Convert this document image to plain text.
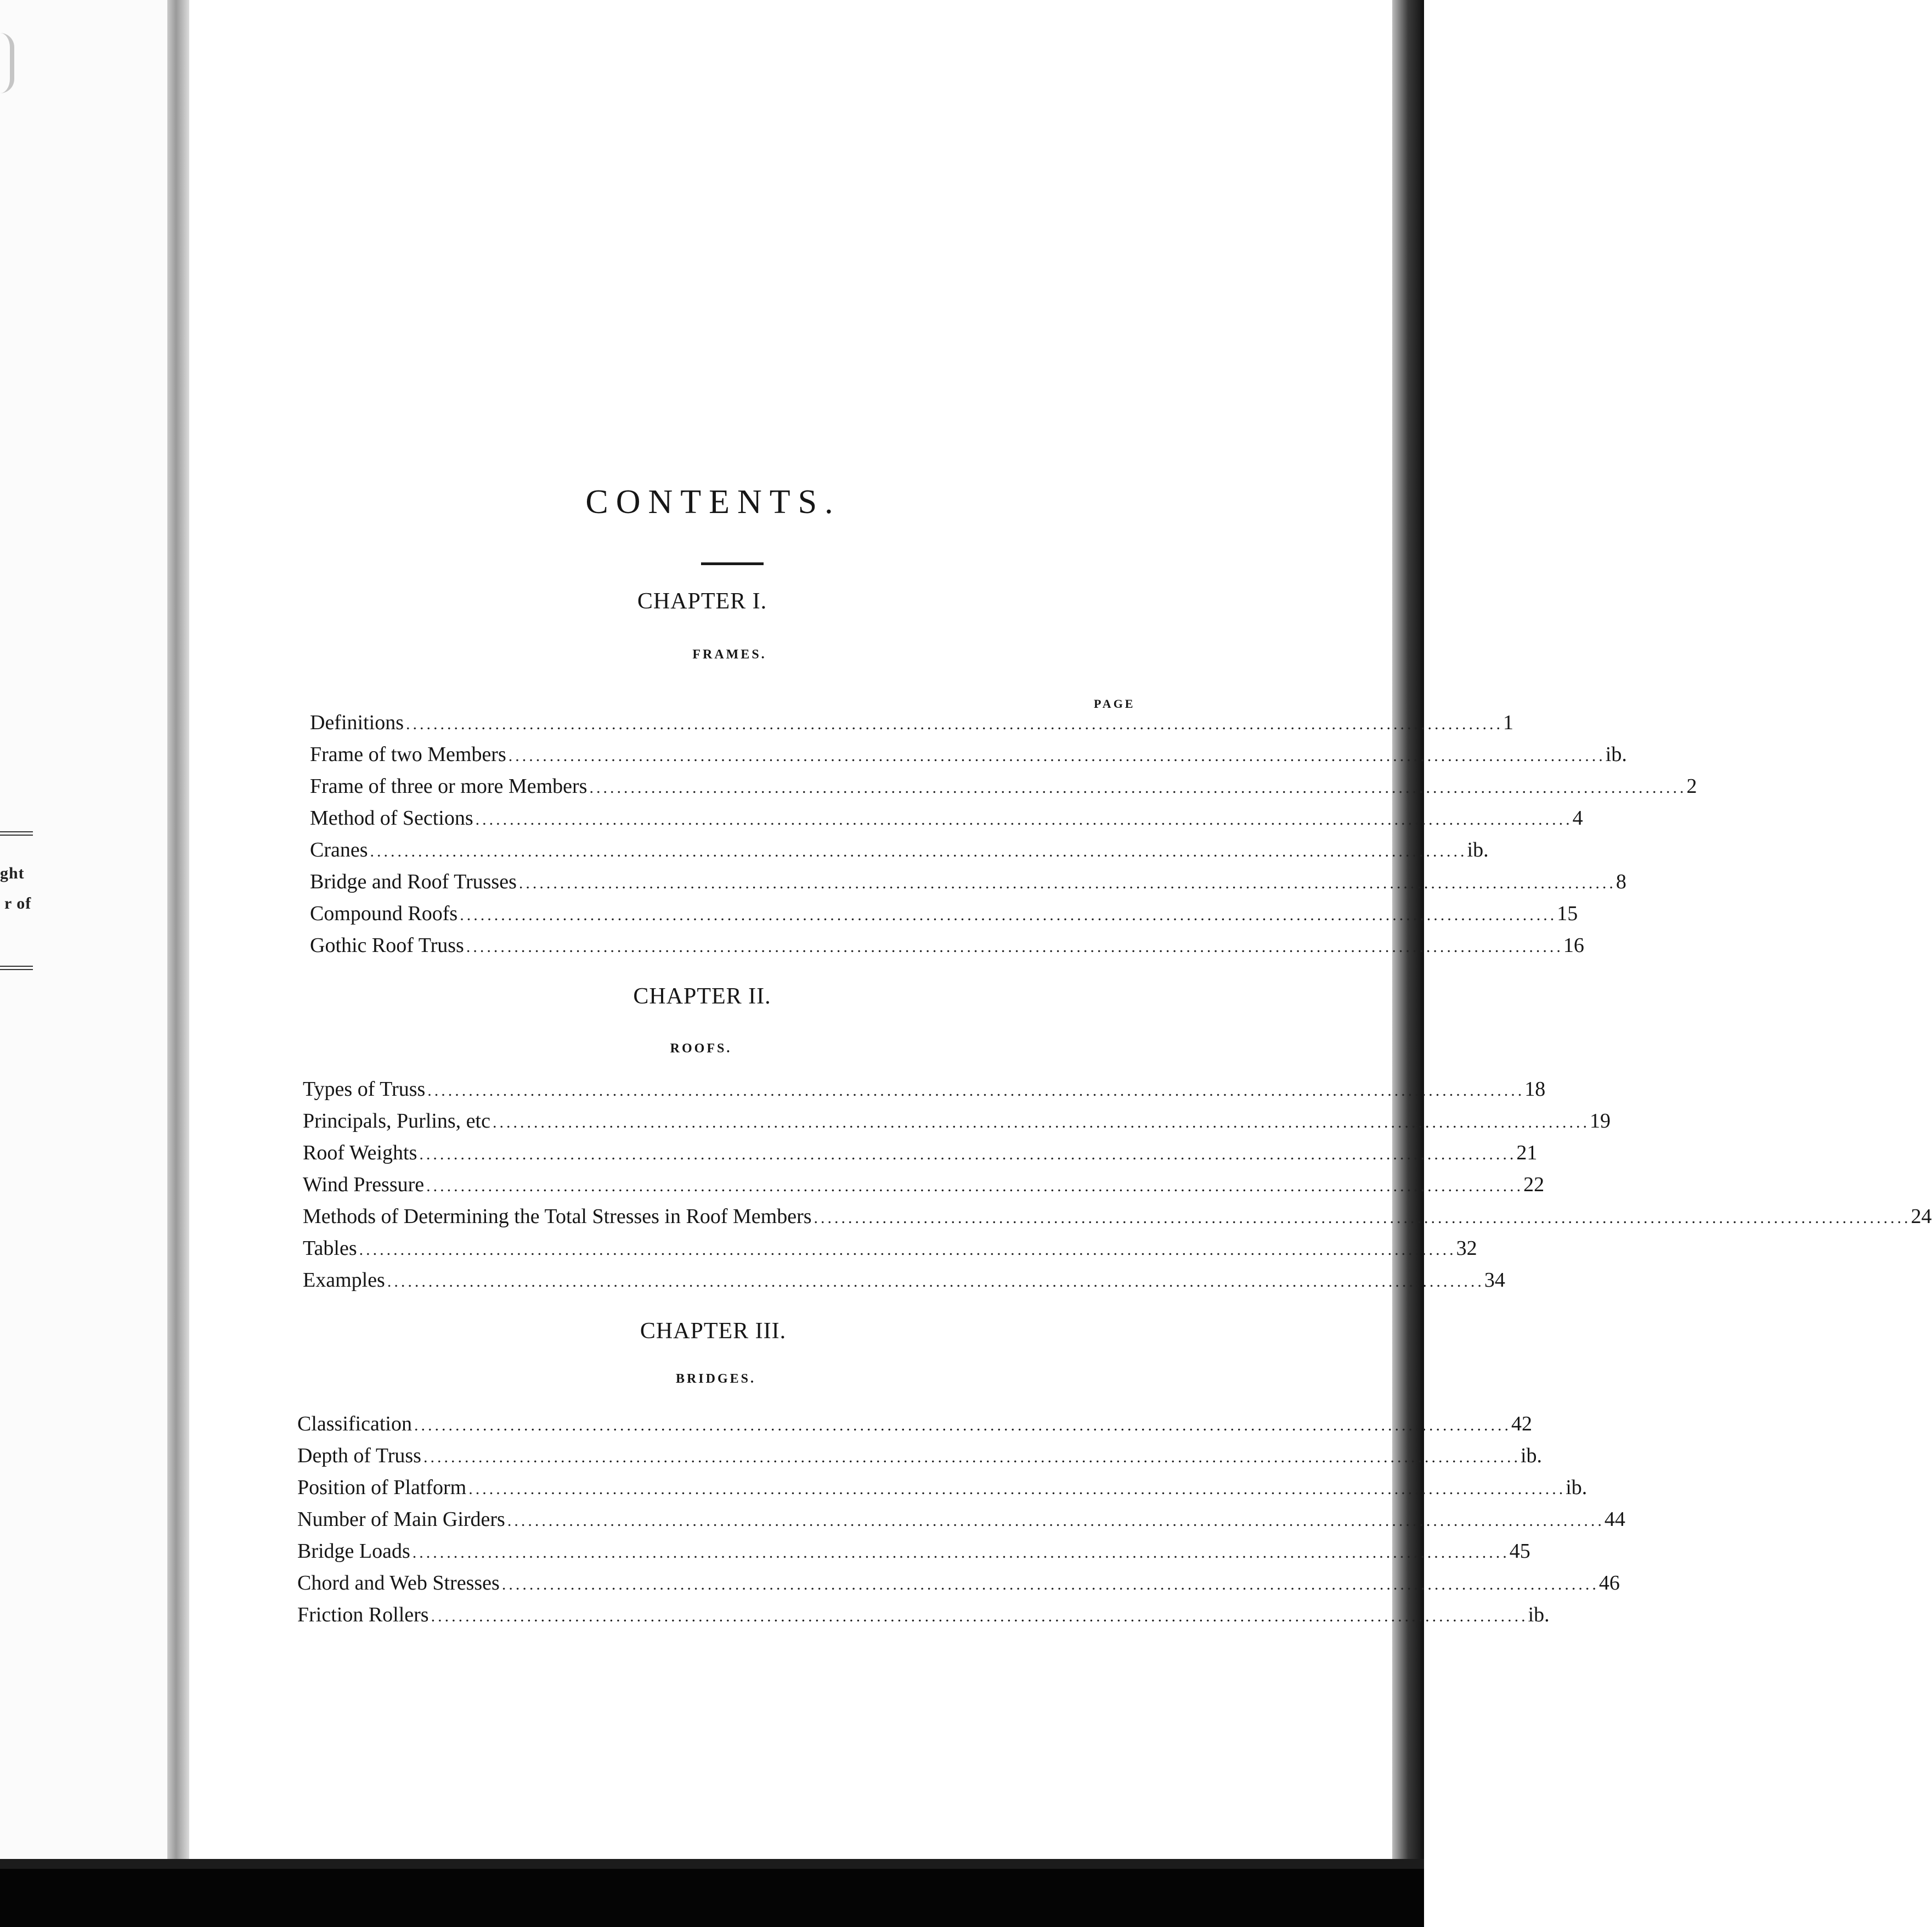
ght
r of
CONTENTS.
CHAPTER I.
FRAMES.
PAGE
Definitions ................................................................................................................................................................ 1
Frame of two Members ................................................................................................................................................................ ib.
Frame of three or more Members ................................................................................................................................................................ 2
Method of Sections ................................................................................................................................................................ 4
Cranes ................................................................................................................................................................ ib.
Bridge and Roof Trusses ................................................................................................................................................................ 8
Compound Roofs ................................................................................................................................................................ 15
Gothic Roof Truss ................................................................................................................................................................ 16
CHAPTER II.
ROOFS.
Types of Truss ................................................................................................................................................................ 18
Principals, Purlins, etc ................................................................................................................................................................ 19
Roof Weights ................................................................................................................................................................ 21
Wind Pressure ................................................................................................................................................................ 22
Methods of Determining the Total Stresses in Roof Members ................................................................................................................................................................ 24
Tables ................................................................................................................................................................ 32
Examples ................................................................................................................................................................ 34
CHAPTER III.
BRIDGES.
Classification ................................................................................................................................................................ 42
Depth of Truss ................................................................................................................................................................ ib.
Position of Platform ................................................................................................................................................................ ib.
Number of Main Girders ................................................................................................................................................................ 44
Bridge Loads ................................................................................................................................................................ 45
Chord and Web Stresses ................................................................................................................................................................ 46
Friction Rollers ................................................................................................................................................................ ib.
